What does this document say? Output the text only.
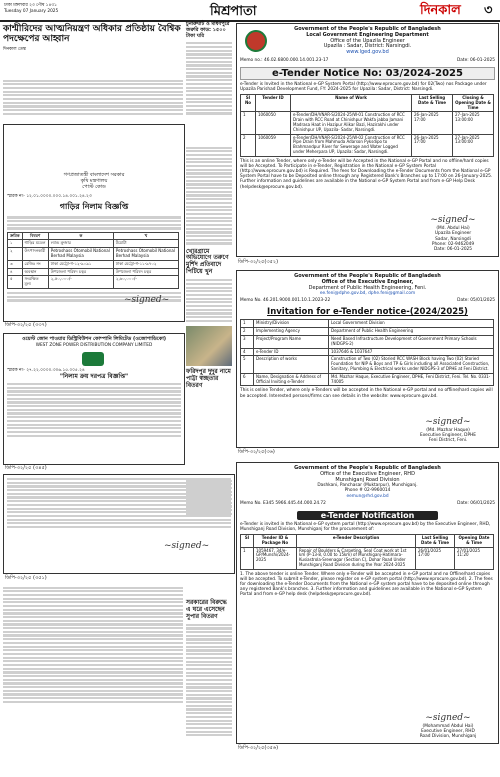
ঢাকা মঙ্গলবার ২৩ পৌষ ১৪৩১
Tuesday 07 January 2025	মিশ্রপাতা	দিনকাল ৩
কাশ্মীরিদের আত্মনিয়ন্ত্রণ অধিকার প্রতিষ্ঠায় বৈশ্বিক পদক্ষেপের আহ্বান
দিনকাল ডেস্ক
চুনারুঘাট ও মাধবপুরে জরুরি ফাড: ১৫০০ টাকা ঘরি
গণপ্রজাতন্ত্রী বাংলাদেশ সরকার
কৃষি মন্ত্রণালয়
পোস্ট কোড
স্মারক নং- ১২.০১.০০০০.০০০.১৪.০০১.২৪.২৩
গাড়ির নিলাম বিজ্ঞপ্তি
ক্রমিক	বিবরণ	ক	খ
১	গাড়ির মডেল	ল্যান্ড ক্রুজার	টয়োটা
২	উৎপাদনকারী	Petroshass Otomobil National Berhad Malaysia	Petroshass Otomobil National Berhad Malaysia
৩	রেজিঃ নং	ঢাকা মেট্রো-গ-১২-৯০৯১	ঢাকা মেট্রো-গ-১১-৯৭০২
৪	অবস্থান	উপজেলা পরিষদ চত্বর	উপজেলা পরিষদ চত্বর
৫	সংরক্ষিত মূল্য	২,৫০,০০০/-	২,৬০,০০০/-
~signed~
ডিপি-৩২/২৫ (৩৩৭)
ওয়েস্ট জোন পাওয়ার ডিস্ট্রিবিউশন কোম্পানি লিমিটেড (ওজোপাডিকো)
WEST ZONE POWER DISTRIBUTION COMPANY LIMITED
স্মারক নং- ২৭.২২.০০০০.৩০৬.১৫.০০৫.২৪
"নিলাম ক্রয় দরপত্র বিজ্ঞপ্তি"
ডিপি-৩২/২৫ (৩৪৫)
~signed~
ডিপি-৩২/২৫ (৩৫১)
খোরগ্রামে অভিযোগে তরুণে মুর্শিদ প্রতিবাদে পিটিয়ে খুন
ফরিদপুর দুদুর নামে পাট্টা স্বচ্ছতার বিতরণ
সরকারের বিরুদ্ধে এ ঘরে এসেছেন সুপার বিতরণ
Government of the People's Republic of Bangladesh
Local Government Engineering Department
Office of the Upazila Engineer
Upazila : Sadar, District: Narsingdi.
www.lged.gov.bd
Memo no.: 46.02.6800.000.14.001.23-17	Date: 06-01-2025
e-Tender Notice No: 03/2024-2025
e-Tender is Invited in the National e-GP System Portal (http://www.eprocure.gov.bd) for 02(Two) nos Package under Upazila Parishad Development Fund, FY: 2024-2025 for Upazila: Sadar, District: Narsingdi.
Sl No	Tender ID	Name of Work	Last Selling Date & Time	Closing & Opening Date & Time
1	1060050	e-Tender/DH/VNAR-S/2024-25/W-01 Construction of RCC Drain with RCC Road at Chinishpur Wakfa jabba Jamani Madrasa Haat in Hazipur Alikar Bazi, Hazirakhi under Chinishpur UP, Upazila- Sadar, Narsingdi.	26-Jan-2025 17:00	27-Jan-2025 13:00:00
2	1060059	e-Tender/DH/VNAR-S/2024-25/W-02 Construction of RCC Pipe Drain from Mahmuda Adarson Pyksdipo to Brahmandpur River for Sewerage and Water Logged under Meherpara UP, Upazila: Sadar, Narsingdi.	26-Jan-2025 17:00	27-Jan-2025 13:00:00
This is an online Tender, where only e-Tender will be Accepted in the National e-GP Portal and no offline/hard copies will be Accepted. To Participate in e-Tender, Registration in the National e-GP System Portal (http://www.eprocure.gov.bd) is Required. The fees for Downloading the e-Tender Documents from the National e-GP System Portal have to be Deposited online through any Registered Bank's Branches up to 17:00 on 26-January-2025. Further information and guidelines are available in the National e-GP System Portal and from e-GP Help Desk (helpdesk@eprocure.gov.bd).
~signed~
(Md. Abdul Hai)
Upazila Engineer
Sadar, Narsingdi
Phone: 02-9462049
Date: 06-01-2025
ডিপি-৩২/২৫(৩৫২)
Government of the People's Republic of Bangladesh
Office of the Executive Engineer,
Department of Public Health Engineering, Feni.
ee.feni@dphe.gov.bd, dphe.feni@gmail.com
Memo No. 46.201.9000.001.10.1.2023-22	Date: 05/01/2025
Invitation for e-Tender notice-(2024/2025)
1	Ministry/Division	Local Government Division
2	Implementing Agency	Department of Public Health Engineering
3	Project/Program Name	Need Based Infrastructure Development of Government Primary Schools (NIDGPS-2)
4	e-Tender ID	1037646 & 1037647
5	Description of works	Construction of Two (02) Storied RCC WASH Block having Two (02) Storied Foundation for NIP & Boys and TP & Girls including all Associated Construction, Sanitary, Plumbing & Electrical works under NIDGPS-3 of DPHE at Feni District.
6	Name, Designation & Address of Official Inviting e-Tender	Md. Mazhar Haque, Executive Engineer, DPHE, Feni District, Feni. Tel. No. 0331-74005
This is online Tender, where only e-Tenders will be accepted in the National e-GP portal and no offline/hard copies will be accepted. Interested persons/firms can see details in the website: www.eprocure.gov.bd.
~signed~
(Md. Mazhar Haque)
Executive Engineer, DPHE
Feni District, Feni.
ডিপি-৩২/২৫(৩৬)
Government of the People's Republic of Bangladesh
Office of the Executive Engineer, RHD
Munshiganj Road Division
Dashkani, Panchasar (Muktarpur), Munshiganj.
Phone # 02-9960014
eemun@rhd.gov.bd
Memo No. E345 5966.445.44.000.24.72	Date: 06/01/2025
e-Tender Notification
e-Tender is invited in the National e-GP system portal (http://www.eprocure.gov.bd) by the Executive Engineer, RHD, Munshiganj Road Division, Munshiganj for the procurement of:
Sl	Tender ID & Package No	e-Tender Description	Last Selling Date & Time	Opening Date & Time
1	1059467, 34/e-GP/Munshi/2024-2025	Repair of Boulders & Carpeting, Seal Coat work at 1st km (P-13-8, 0.00 to 15km) of Munshiganj-Hatimara-Kusiastrola-Sreenagar (Section C), Dohar Road Under Munshiganj Road Division during the Year 2024-2025	26/01/2025 17:00	27/01/2025 11:20
1. The above tender is online Tender. Where only e-Tender will be accepted in e-GP portal and no Offline/hard copies will be accepted. To submit e-Tender, please register on e-GP system portal (http://www.eprocure.gov.bd). 2. The fees for downloading the e-Tender Documents from the National e-GP system portal have to be deposited online through any registered Bank's branches. 3. Further information and guidelines are available in the National e-GP System Portal and from e-GP help desk (helpdesk@eprocure.gov.bd).
~signed~
(Mohammad Abdul Hai)
Executive Engineer, RHD
Road Division, Munshiganj
ডিপি-৩২/২৫(৩৫৬)
